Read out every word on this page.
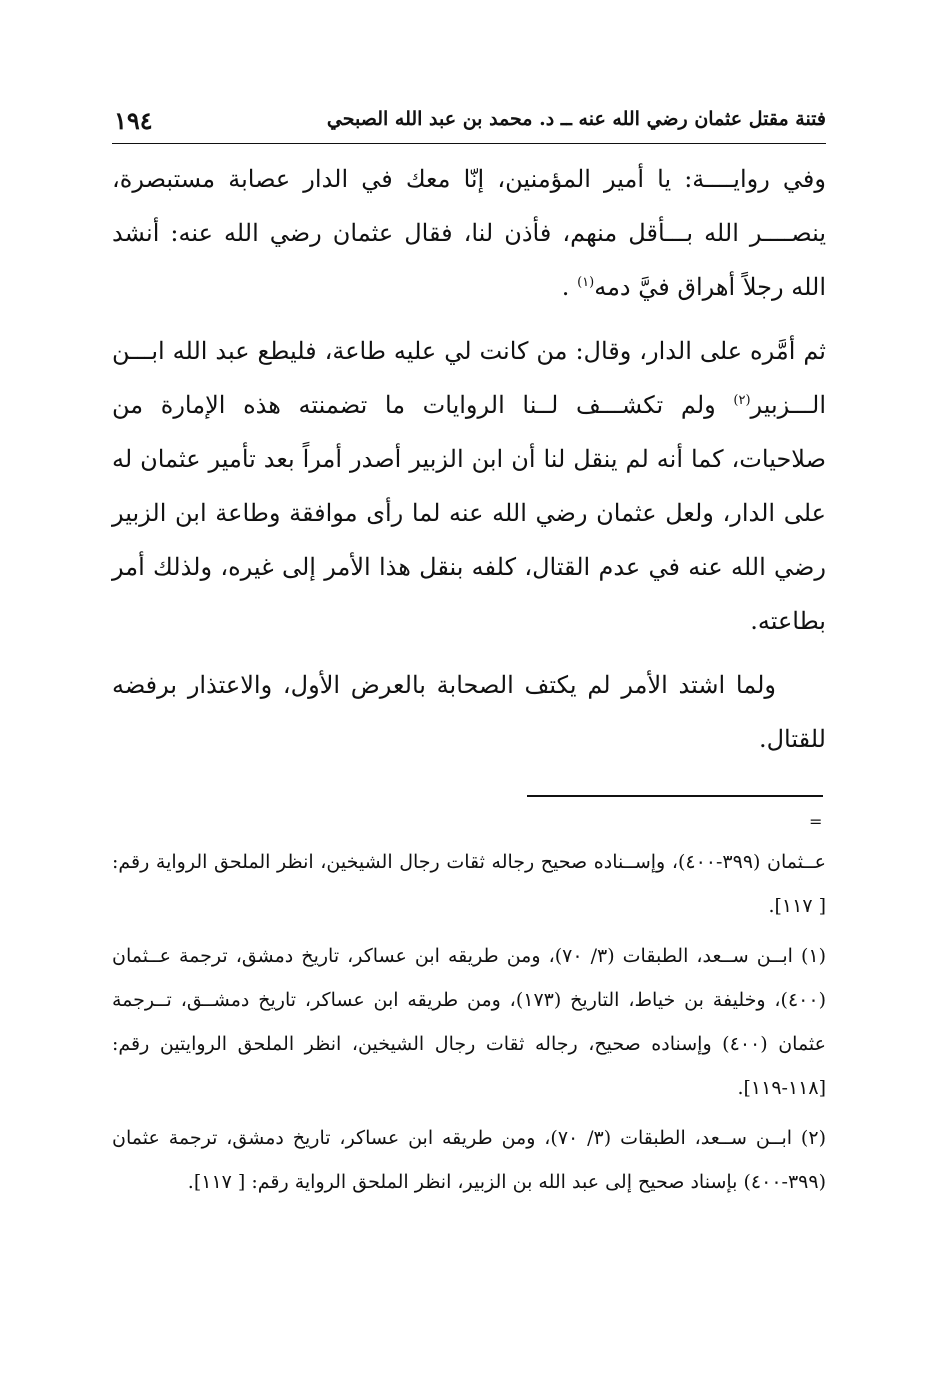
فتنة مقتل عثمان رضي الله عنه ــ د. محمد بن عبد الله الصبحي
١٩٤

وفي روايــــة: يا أمير المؤمنين، إنّا معك في الدار عصابة مستبصرة، ينصــــر الله بـــأقل منهم، فأذن لنا، فقال عثمان رضي الله عنه: أنشد الله رجلاً أهراق فيَّ دمه$^{(١)}$ .

ثم أمَّره على الدار، وقال: من كانت لي عليه طاعة، فليطع عبد الله ابـــن الـــزبير$^{(٢)}$ ولم تكشـــف لــنا الروايات ما تضمنته هذه الإمارة من صلاحيات، كما أنه لم ينقل لنا أن ابن الزبير أصدر أمراً بعد تأمير عثمان له على الدار، ولعل عثمان رضي الله عنه لما رأى موافقة وطاعة ابن الزبير رضي الله عنه في عدم القتال، كلفه بنقل هذا الأمر إلى غيره، ولذلك أمر بطاعته.

ولما اشتد الأمر لم يكتف الصحابة بالعرض الأول، والاعتذار برفضه للقتال.

=

عــثمان (٣٩٩-٤٠٠)، وإســناده صحيح رجاله ثقات رجال الشيخين، انظر الملحق الرواية رقم: [ ١١٧].

(١) ابــن ســعد، الطبقات (٣/ ٧٠)، ومن طريقه ابن عساكر، تاريخ دمشق، ترجمة عــثمان (٤٠٠)، وخليفة بن خياط، التاريخ (١٧٣)، ومن طريقه ابن عساكر، تاريخ دمشــق، تــرجمة عثمان (٤٠٠) وإسناده صحيح، رجاله ثقات رجال الشيخين، انظر الملحق الروايتين رقم: [١١٨-١١٩].

(٢) ابــن ســعد، الطبقات (٣/ ٧٠)، ومن طريقه ابن عساكر، تاريخ دمشق، ترجمة عثمان (٣٩٩-٤٠٠) بإسناد صحيح إلى عبد الله بن الزبير، انظر الملحق الرواية رقم: [ ١١٧].
